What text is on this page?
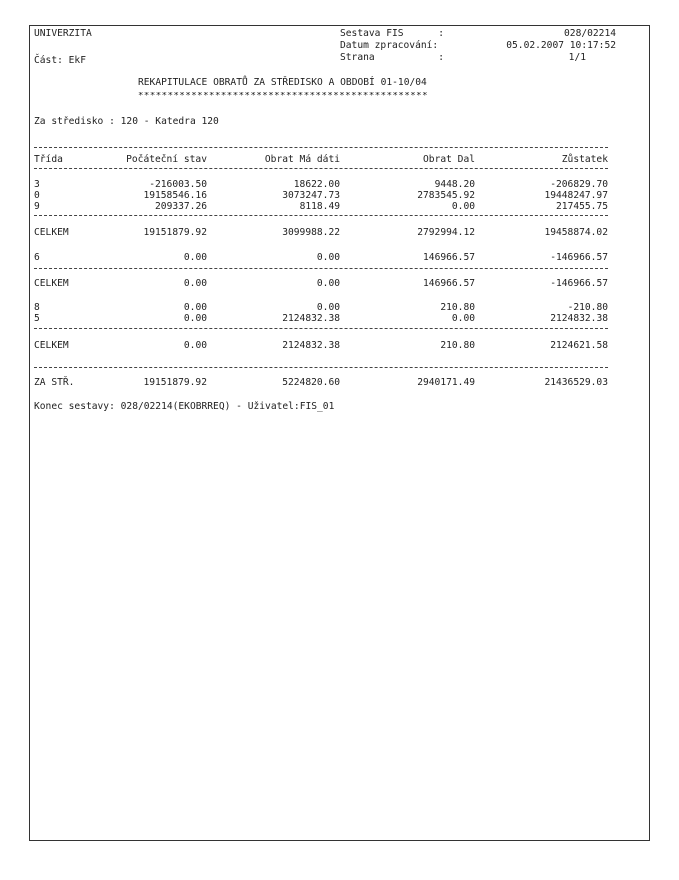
UNIVERZITA
Část: EkF
Sestava FIS      :	028/02214
Datum zpracování:	05.02.2007 10:17:52
Strana           :	1/1
REKAPITULACE OBRATŮ ZA STŘEDISKO A OBDOBÍ 01-10/04
*************************************************
Za středisko : 120 - Katedra 120
Třída	Počáteční stav	Obrat Má dáti	Obrat Dal	Zůstatek
3	-216003.50	18622.00	9448.20	-206829.70
0	19158546.16	3073247.73	2783545.92	19448247.97
9	209337.26	8118.49	0.00	217455.75
CELKEM	19151879.92	3099988.22	2792994.12	19458874.02
6	0.00	0.00	146966.57	-146966.57
CELKEM	0.00	0.00	146966.57	-146966.57
8	0.00	0.00	210.80	-210.80
5	0.00	2124832.38	0.00	2124832.38
CELKEM	0.00	2124832.38	210.80	2124621.58
ZA STŘ.	19151879.92	5224820.60	2940171.49	21436529.03
Konec sestavy: 028/02214(EKOBRREQ) - Uživatel:FIS_01
